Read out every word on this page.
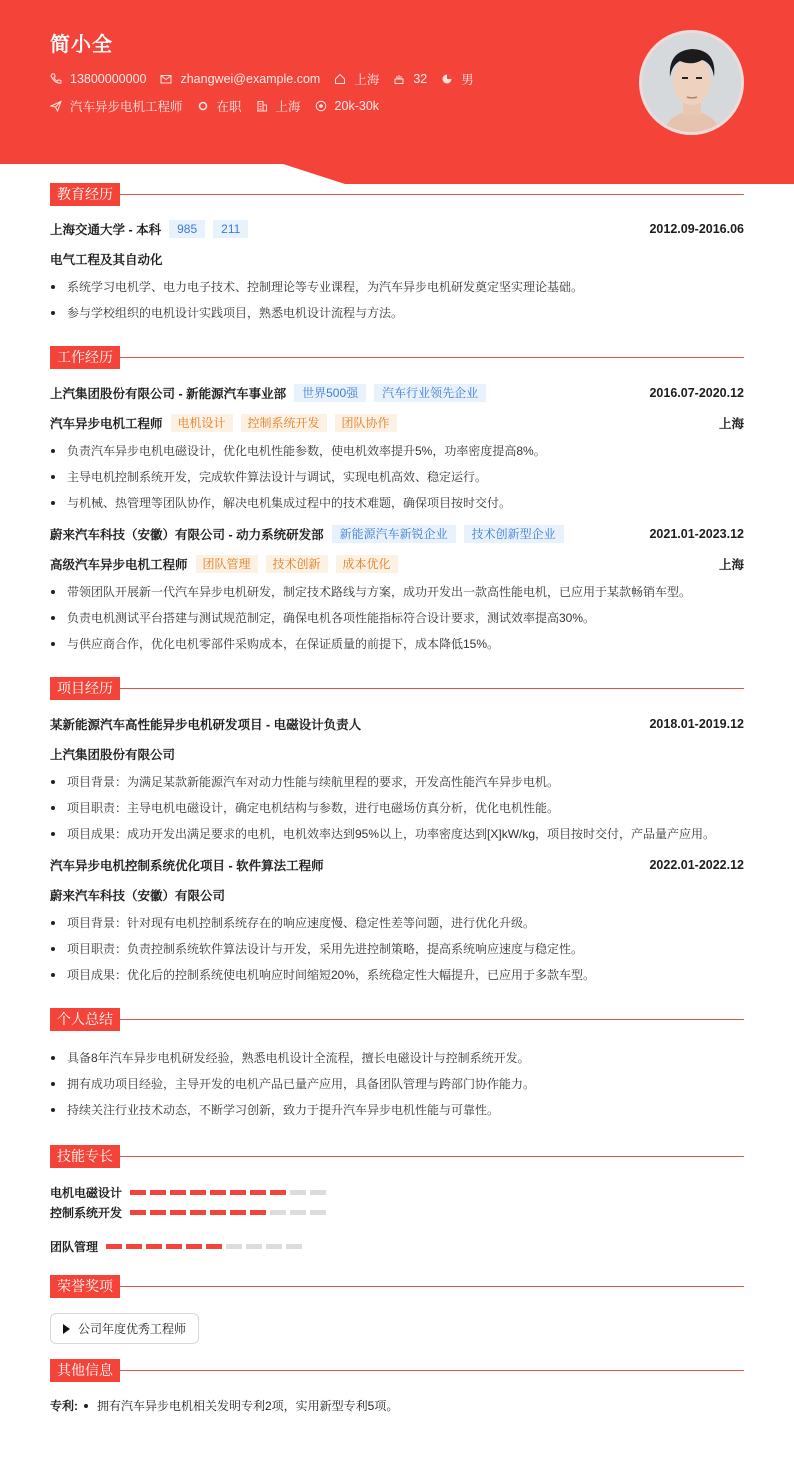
简小全
13800000000	zhangwei@example.com	上海	32	男
汽车异步电机工程师	在职	上海	20k-30k
教育经历
上海交通大学 - 本科	985	211	2012.09-2016.06
电气工程及其自动化
系统学习电机学、电力电子技术、控制理论等专业课程，为汽车异步电机研发奠定坚实理论基础。
参与学校组织的电机设计实践项目，熟悉电机设计流程与方法。
工作经历
上汽集团股份有限公司 - 新能源汽车事业部	世界500强	汽车行业领先企业	2016.07-2020.12
汽车异步电机工程师	电机设计	控制系统开发	团队协作	上海
负责汽车异步电机电磁设计，优化电机性能参数，使电机效率提升5%，功率密度提高8%。
主导电机控制系统开发，完成软件算法设计与调试，实现电机高效、稳定运行。
与机械、热管理等团队协作，解决电机集成过程中的技术难题，确保项目按时交付。
蔚来汽车科技（安徽）有限公司 - 动力系统研发部	新能源汽车新锐企业	技术创新型企业	2021.01-2023.12
高级汽车异步电机工程师	团队管理	技术创新	成本优化	上海
带领团队开展新一代汽车异步电机研发，制定技术路线与方案，成功开发出一款高性能电机，已应用于某款畅销车型。
负责电机测试平台搭建与测试规范制定，确保电机各项性能指标符合设计要求，测试效率提高30%。
与供应商合作，优化电机零部件采购成本，在保证质量的前提下，成本降低15%。
项目经历
某新能源汽车高性能异步电机研发项目 - 电磁设计负责人	2018.01-2019.12
上汽集团股份有限公司
项目背景：为满足某款新能源汽车对动力性能与续航里程的要求，开发高性能汽车异步电机。
项目职责：主导电机电磁设计，确定电机结构与参数，进行电磁场仿真分析，优化电机性能。
项目成果：成功开发出满足要求的电机，电机效率达到95%以上，功率密度达到[X]kW/kg，项目按时交付，产品量产应用。
汽车异步电机控制系统优化项目 - 软件算法工程师	2022.01-2022.12
蔚来汽车科技（安徽）有限公司
项目背景：针对现有电机控制系统存在的响应速度慢、稳定性差等问题，进行优化升级。
项目职责：负责控制系统软件算法设计与开发，采用先进控制策略，提高系统响应速度与稳定性。
项目成果：优化后的控制系统使电机响应时间缩短20%，系统稳定性大幅提升，已应用于多款车型。
个人总结
具备8年汽车异步电机研发经验，熟悉电机设计全流程，擅长电磁设计与控制系统开发。
拥有成功项目经验，主导开发的电机产品已量产应用，具备团队管理与跨部门协作能力。
持续关注行业技术动态，不断学习创新，致力于提升汽车异步电机性能与可靠性。
技能专长
电机电磁设计
控制系统开发
团队管理
荣誉奖项
公司年度优秀工程师
其他信息
专利: 拥有汽车异步电机相关发明专利2项，实用新型专利5项。
